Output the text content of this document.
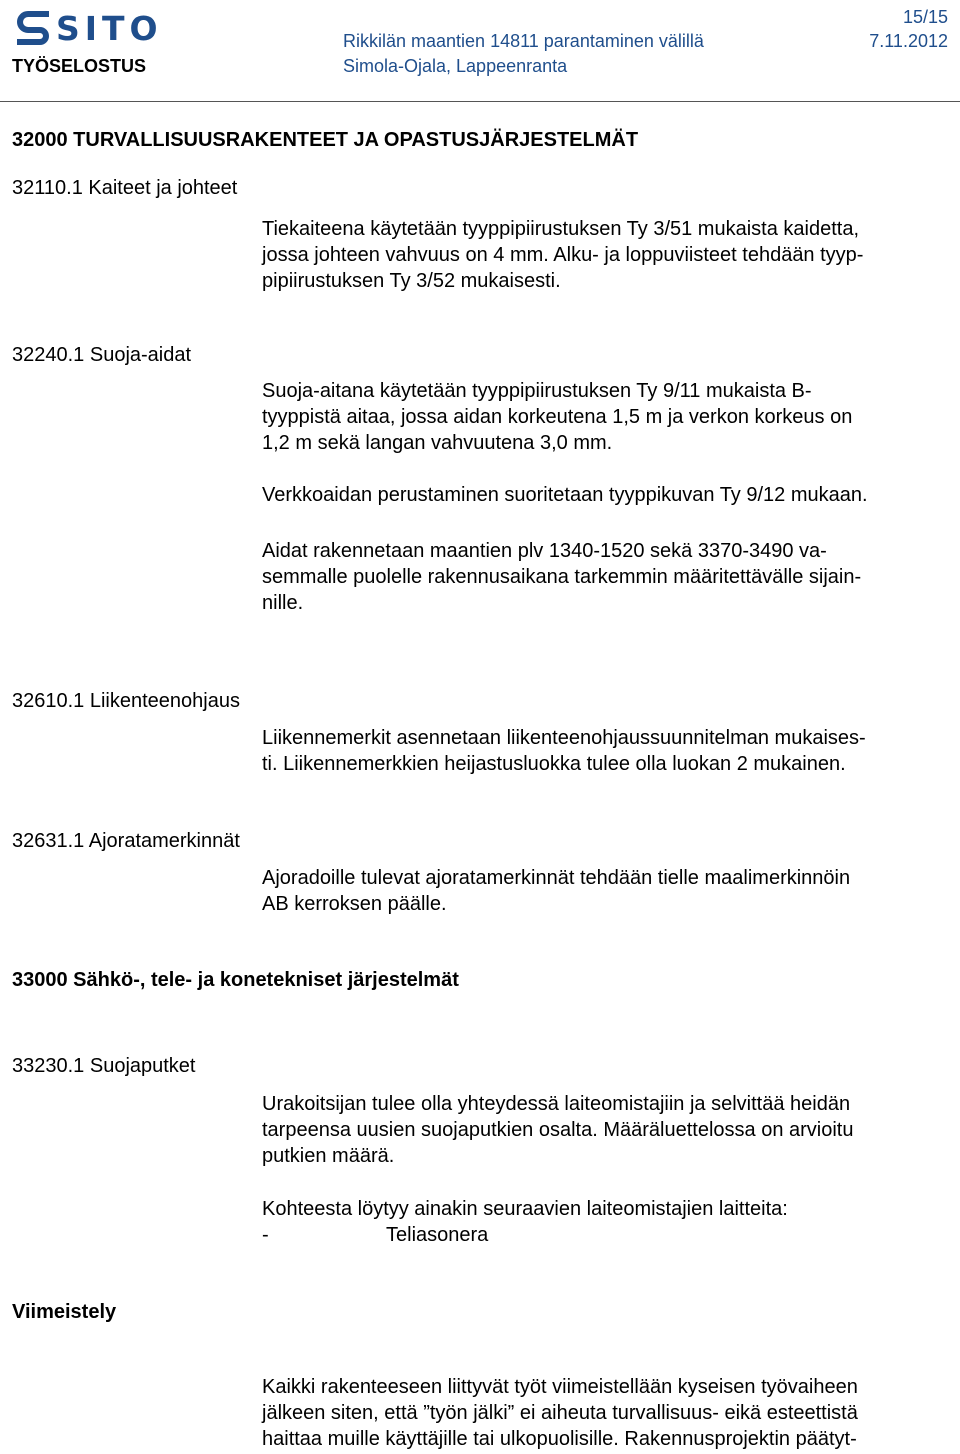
SITO
TYÖSELOSTUS
Rikkilän maantien 14811 parantaminen välillä
Simola-Ojala, Lappeenranta
15/15
7.11.2012
32000 TURVALLISUUSRAKENTEET JA OPASTUSJÄRJESTELMÄT
32110.1 Kaiteet ja johteet
Tiekaiteena käytetään tyyppipiirustuksen Ty 3/51 mukaista kaidetta,
jossa johteen vahvuus on 4 mm. Alku- ja loppuviisteet tehdään tyyp-
pipiirustuksen Ty 3/52 mukaisesti.
32240.1 Suoja-aidat
Suoja-aitana käytetään tyyppipiirustuksen Ty 9/11 mukaista B-
tyyppistä aitaa, jossa aidan korkeutena 1,5 m ja verkon korkeus on
1,2 m sekä langan vahvuutena 3,0 mm.
Verkkoaidan perustaminen suoritetaan tyyppikuvan Ty 9/12 mukaan.
Aidat rakennetaan maantien plv 1340-1520 sekä 3370-3490 va-
semmalle puolelle rakennusaikana tarkemmin määritettävälle sijain-
nille.
32610.1 Liikenteenohjaus
Liikennemerkit asennetaan liikenteenohjaussuunnitelman mukaises-
ti. Liikennemerkkien heijastusluokka tulee olla luokan 2 mukainen.
32631.1 Ajoratamerkinnät
Ajoradoille tulevat ajoratamerkinnät tehdään tielle maalimerkinnöin
AB kerroksen päälle.
33000 Sähkö-, tele- ja konetekniset järjestelmät
33230.1 Suojaputket
Urakoitsijan tulee olla yhteydessä laiteomistajiin ja selvittää heidän
tarpeensa uusien suojaputkien osalta. Määräluettelossa on arvioitu
putkien määrä.
Kohteesta löytyy ainakin seuraavien laiteomistajien laitteita:
-	Teliasonera
Viimeistely
Kaikki rakenteeseen liittyvät työt viimeistellään kyseisen työvaiheen
jälkeen siten, että ”työn jälki” ei aiheuta turvallisuus- eikä esteettistä
haittaa muille käyttäjille tai ulkopuolisille. Rakennusprojektin päätyt-
